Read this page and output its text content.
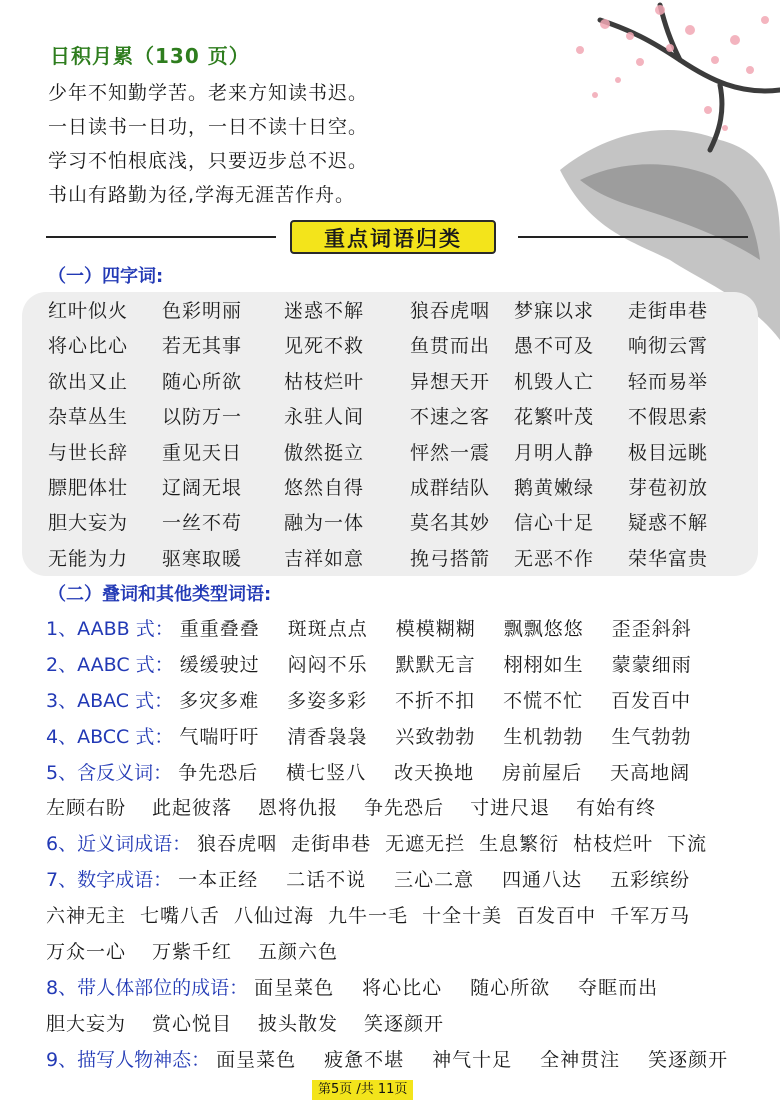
日积月累（130 页）
少年不知勤学苦。老来方知读书迟。
一日读书一日功，一日不读十日空。
学习不怕根底浅，只要迈步总不迟。
书山有路勤为径,学海无涯苦作舟。
重点词语归类
（一）四字词:
红叶似火 色彩明丽 迷惑不解 狼吞虎咽 梦寐以求 走街串巷
将心比心 若无其事 见死不救 鱼贯而出 愚不可及 响彻云霄
欲出又止 随心所欲 枯枝烂叶 异想天开 机毁人亡 轻而易举
杂草丛生 以防万一 永驻人间 不速之客 花繁叶茂 不假思索
与世长辞 重见天日 傲然挺立 怦然一震 月明人静 极目远眺
膘肥体壮 辽阔无垠 悠然自得 成群结队 鹅黄嫩绿 芽苞初放
胆大妄为 一丝不苟 融为一体 莫名其妙 信心十足 疑惑不解
无能为力 驱寒取暖 吉祥如意 挽弓搭箭 无恶不作 荣华富贵
（二）叠词和其他类型词语:
1、AABB 式： 重重叠叠 斑斑点点 模模糊糊 飘飘悠悠 歪歪斜斜
2、AABC 式： 缓缓驶过 闷闷不乐 默默无言 栩栩如生 蒙蒙细雨
3、ABAC 式： 多灾多难 多姿多彩 不折不扣 不慌不忙 百发百中
4、ABCC 式： 气喘吁吁 清香袅袅 兴致勃勃 生机勃勃 生气勃勃
5、含反义词： 争先恐后 横七竖八 改天换地 房前屋后 天高地阔
左顾右盼 此起彼落 恩将仇报 争先恐后 寸进尺退 有始有终
6、近义词成语： 狼吞虎咽 走街串巷 无遮无拦 生息繁衍 枯枝烂叶 下流
7、数字成语： 一本正经 二话不说 三心二意 四通八达 五彩缤纷
六神无主 七嘴八舌 八仙过海 九牛一毛 十全十美 百发百中 千军万马
万众一心 万紫千红 五颜六色
8、带人体部位的成语： 面呈菜色 将心比心 随心所欲 夺眶而出
胆大妄为 赏心悦目 披头散发 笑逐颜开
9、描写人物神态： 面呈菜色 疲惫不堪 神气十足 全神贯注 笑逐颜开
第5页 /共 11页
